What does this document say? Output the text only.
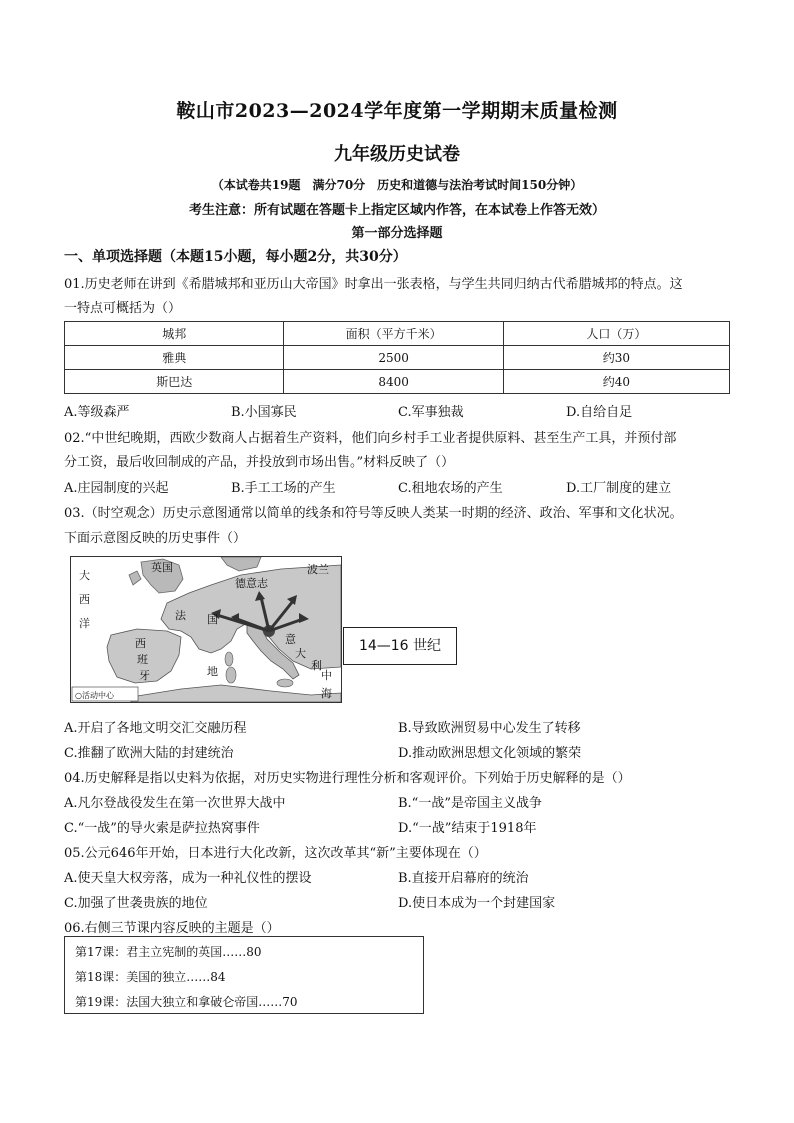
鞍山市2023—2024学年度第一学期期末质量检测
九年级历史试卷
（本试卷共19题　满分70分　历史和道德与法治考试时间150分钟）
考生注意：所有试题在答题卡上指定区域内作答，在本试卷上作答无效）
第一部分选择题
一、单项选择题（本题15小题，每小题2分，共30分）
01.历史老师在讲到《希腊城邦和亚历山大帝国》时拿出一张表格，与学生共同归纳古代希腊城邦的特点。这
一特点可概括为（）
城邦	面积（平方千米）	人口（万）
雅典	2500	约30
斯巴达	8400	约40
A.等级森严	B.小国寡民	C.军事独裁	D.自给自足
02.“中世纪晚期，西欧少数商人占据着生产资料，他们向乡村手工业者提供原料、甚至生产工具，并预付部
分工资，最后收回制成的产品，并投放到市场出售。”材料反映了（）
A.庄园制度的兴起	B.手工工场的产生	C.租地农场的产生	D.工厂制度的建立
03.（时空观念）历史示意图通常以简单的线条和符号等反映人类某一时期的经济、政治、军事和文化状况。
下面示意图反映的历史事件（）
英国
德意志
波兰
大
西
洋
法 国
西
班
牙
意
大
利
地	中
海
○活动中心
14—16 世纪
A.开启了各地文明交汇交融历程	B.导致欧洲贸易中心发生了转移
C.推翻了欧洲大陆的封建统治	D.推动欧洲思想文化领域的繁荣
04.历史解释是指以史料为依据，对历史实物进行理性分析和客观评价。下列始于历史解释的是（）
A.凡尔登战役发生在第一次世界大战中	B.“一战”是帝国主义战争
C.“一战”的导火索是萨拉热窝事件	D.“一战”结束于1918年
05.公元646年开始，日本进行大化改新，这次改革其“新”主要体现在（）
A.使天皇大权旁落，成为一种礼仪性的摆设	B.直接开启幕府的统治
C.加强了世袭贵族的地位	D.使日本成为一个封建国家
06.右侧三节课内容反映的主题是（）
第17课：君主立宪制的英国……80
第18课：美国的独立……84
第19课：法国大独立和拿破仑帝国……70
